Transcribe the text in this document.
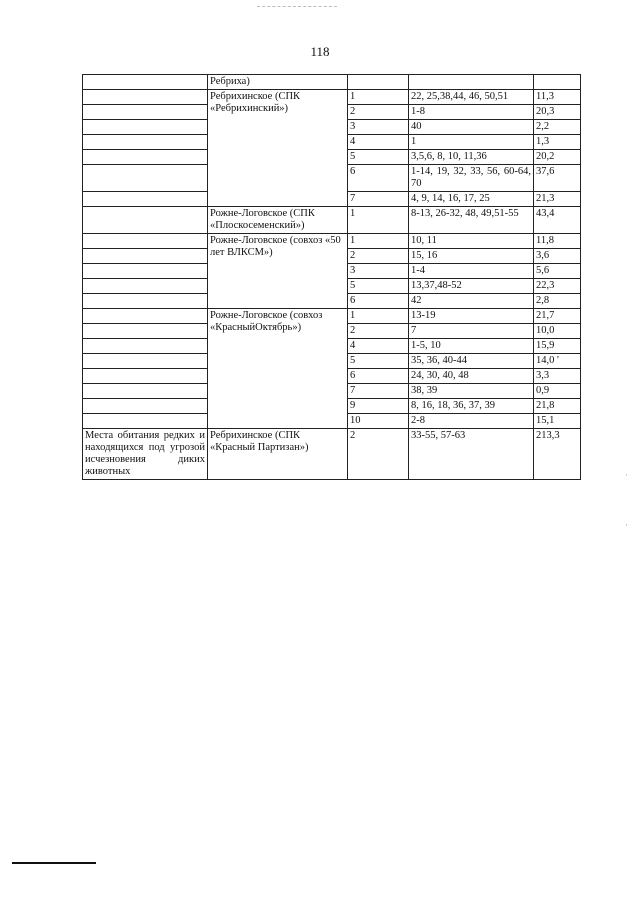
118
	Ребриха)			
	Ребрихинское (СПК «Ребрихинский»)	1	22, 25,38,44, 46, 50,51	11,3
		2	1-8	20,3
		3	40	2,2
		4	1	1,3
		5	3,5,6, 8, 10, 11,36	20,2
		6	1-14, 19, 32, 33, 56, 60-64, 70	37,6
		7	4, 9, 14, 16, 17, 25	21,3
	Рожне-Логовское (СПК «Плоскосеменский»)	1	8-13, 26-32, 48, 49,51-55	43,4
	Рожне-Логовское (совхоз «50 лет ВЛКСМ»)	1	10, 11	11,8
		2	15, 16	3,6
		3	1-4	5,6
		5	13,37,48-52	22,3
		6	42	2,8
	Рожне-Логовское (совхоз «КрасныйОктябрь»)	1	13-19	21,7
		2	7	10,0
		4	1-5, 10	15,9
		5	35, 36, 40-44	14,0 '
		6	24, 30, 40, 48	3,3
		7	38, 39	0,9
		9	8, 16, 18, 36, 37, 39	21,8
		10	2-8	15,1
Места обитания редких и находящихся под угрозой исчезновения диких животных	Ребрихинское (СПК «Красный Партизан»)	2	33-55, 57-63	213,3
·
·
